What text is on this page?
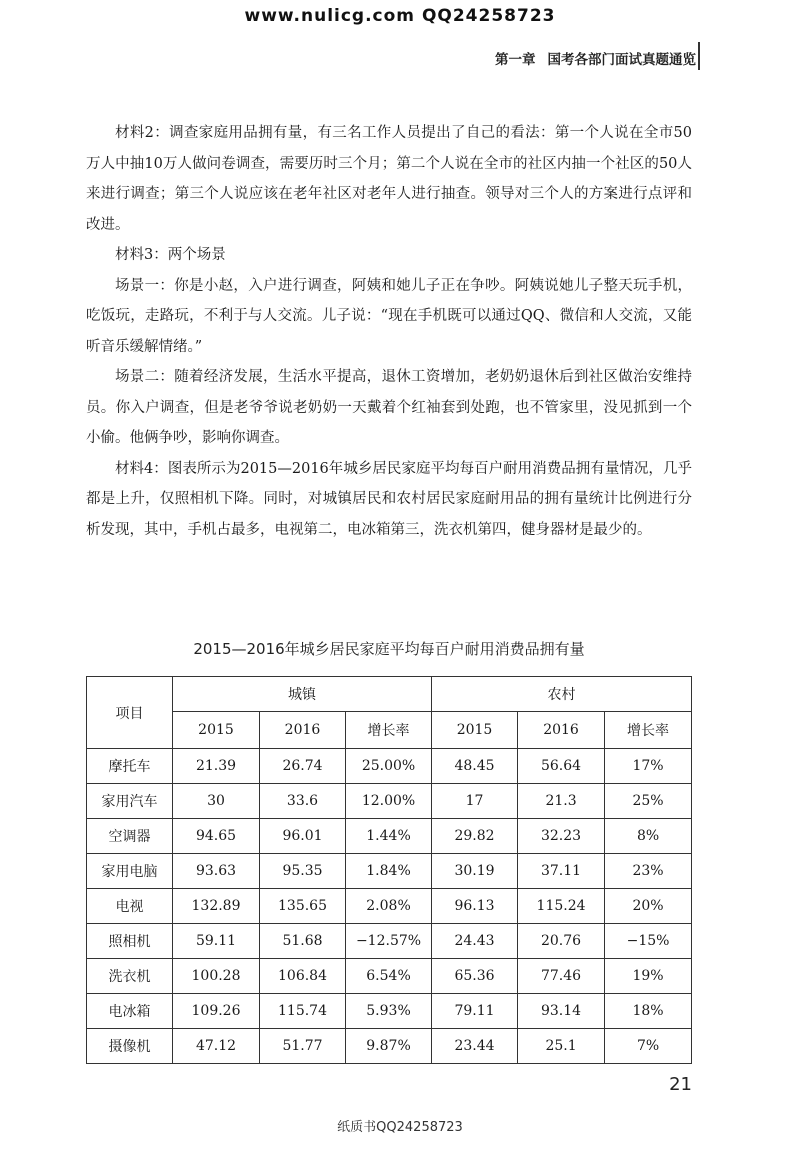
www.nulicg.com QQ24258723
第一章 国考各部门面试真题通览

材料2：调查家庭用品拥有量，有三名工作人员提出了自己的看法：第一个人说在全市50万人中抽10万人做问卷调查，需要历时三个月；第二个人说在全市的社区内抽一个社区的50人来进行调查；第三个人说应该在老年社区对老年人进行抽查。领导对三个人的方案进行点评和改进。

材料3：两个场景

场景一：你是小赵，入户进行调查，阿姨和她儿子正在争吵。阿姨说她儿子整天玩手机，吃饭玩，走路玩，不利于与人交流。儿子说：“现在手机既可以通过QQ、微信和人交流，又能听音乐缓解情绪。”

场景二：随着经济发展，生活水平提高，退休工资增加，老奶奶退休后到社区做治安维持员。你入户调查，但是老爷爷说老奶奶一天戴着个红袖套到处跑，也不管家里，没见抓到一个小偷。他俩争吵，影响你调查。

材料4：图表所示为2015—2016年城乡居民家庭平均每百户耐用消费品拥有量情况，几乎都是上升，仅照相机下降。同时，对城镇居民和农村居民家庭耐用品的拥有量统计比例进行分析发现，其中，手机占最多，电视第二，电冰箱第三，洗衣机第四，健身器材是最少的。

2015—2016年城乡居民家庭平均每百户耐用消费品拥有量
项目	城镇			农村		
	2015	2016	增长率	2015	2016	增长率
摩托车	21.39	26.74	25.00%	48.45	56.64	17%
家用汽车	30	33.6	12.00%	17	21.3	25%
空调器	94.65	96.01	1.44%	29.82	32.23	8%
家用电脑	93.63	95.35	1.84%	30.19	37.11	23%
电视	132.89	135.65	2.08%	96.13	115.24	20%
照相机	59.11	51.68	−12.57%	24.43	20.76	−15%
洗衣机	100.28	106.84	6.54%	65.36	77.46	19%
电冰箱	109.26	115.74	5.93%	79.11	93.14	18%
摄像机	47.12	51.77	9.87%	23.44	25.1	7%
21
纸质书QQ24258723
